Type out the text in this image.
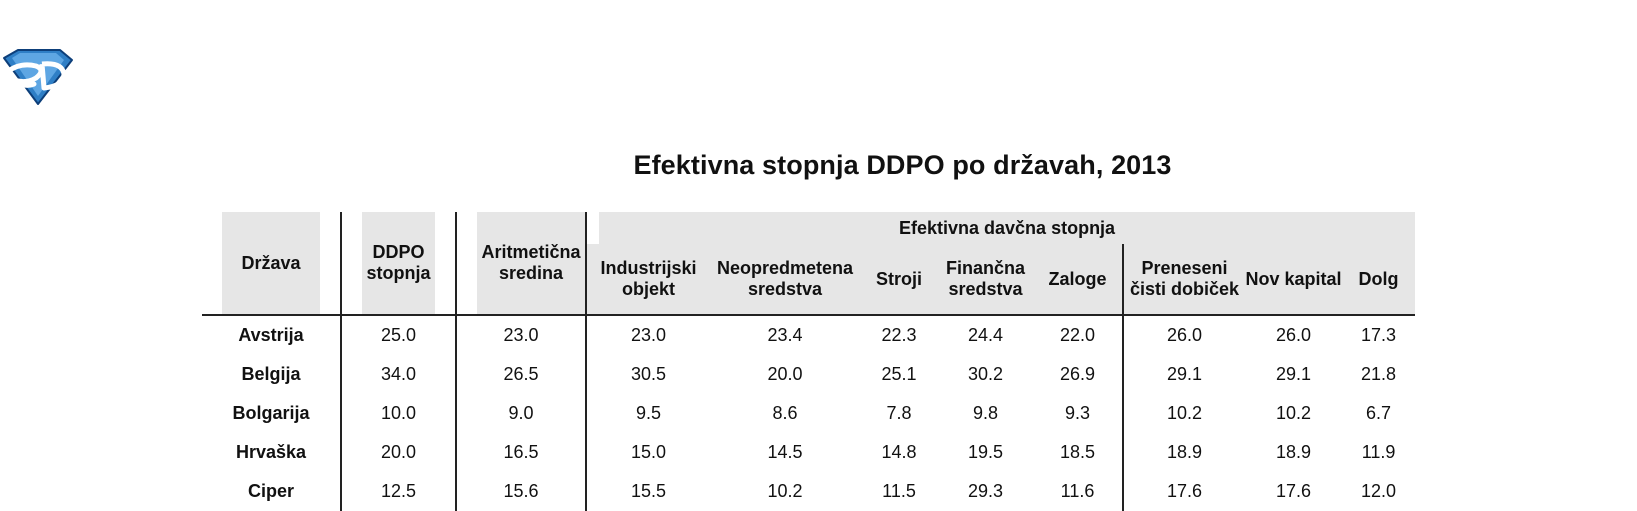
Efektivna stopnja DDPO po državah, 2013
Država	DDPO stopnja	Aritmetična sredina	Efektivna davčna stopnja							

Industrijski objekt	Neopredmetena sredstva	Stroji	Finančna sredstva	Zaloge	Preneseni čisti dobiček	Nov kapital	Dolg

Avstrija	25.0	23.0	23.0	23.4	22.3	24.4	22.0	26.0	26.0	17.3
Belgija	34.0	26.5	30.5	20.0	25.1	30.2	26.9	29.1	29.1	21.8
Bolgarija	10.0	9.0	9.5	8.6	7.8	9.8	9.3	10.2	10.2	6.7
Hrvaška	20.0	16.5	15.0	14.5	14.8	19.5	18.5	18.9	18.9	11.9
Ciper	12.5	15.6	15.5	10.2	11.5	29.3	11.6	17.6	17.6	12.0
